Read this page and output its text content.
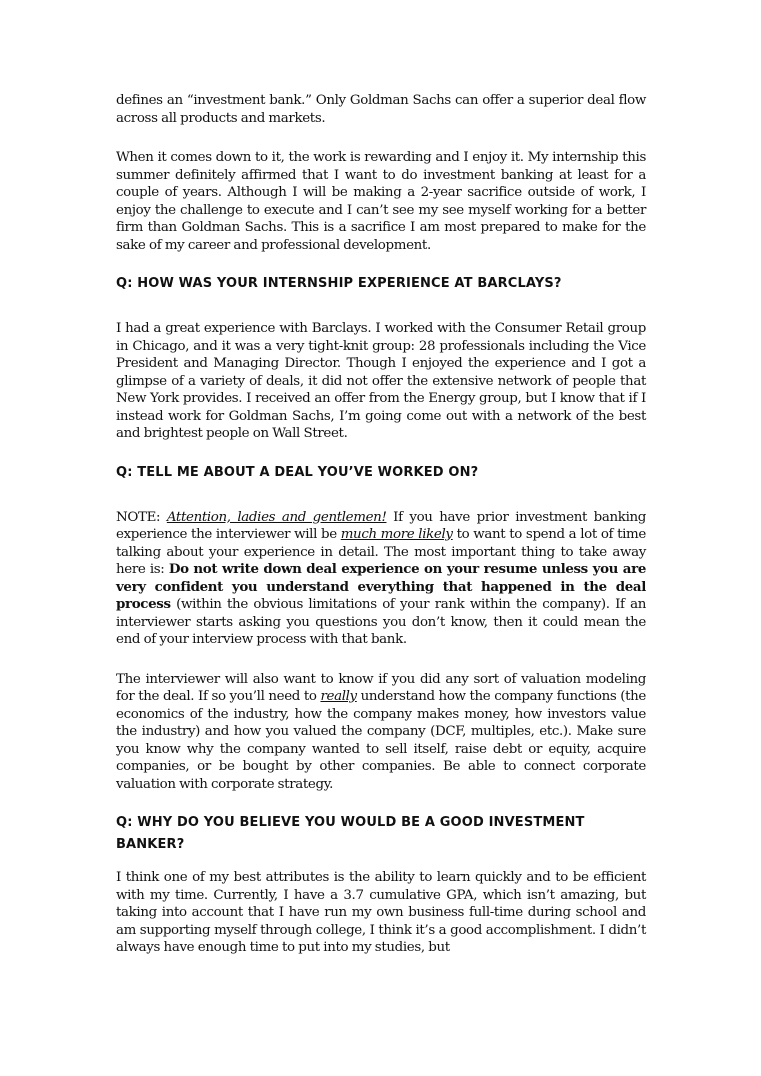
defines an “investment bank.” Only Goldman Sachs can offer a superior deal flow across all products and markets.

When it comes down to it, the work is rewarding and I enjoy it. My internship this summer definitely affirmed that I want to do investment banking at least for a couple of years. Although I will be making a 2-year sacrifice outside of work, I enjoy the challenge to execute and I can’t see my see myself working for a better firm than Goldman Sachs. This is a sacrifice I am most prepared to make for the sake of my career and professional development.

Q: HOW WAS YOUR INTERNSHIP EXPERIENCE AT BARCLAYS?

I had a great experience with Barclays. I worked with the Consumer Retail group in Chicago, and it was a very tight-knit group: 28 professionals including the Vice President and Managing Director. Though I enjoyed the experience and I got a glimpse of a variety of deals, it did not offer the extensive network of people that New York provides. I received an offer from the Energy group, but I know that if I instead work for Goldman Sachs, I’m going come out with a network of the best and brightest people on Wall Street.

Q: TELL ME ABOUT A DEAL YOU’VE WORKED ON?

NOTE: Attention, ladies and gentlemen! If you have prior investment banking experience the interviewer will be much more likely to want to spend a lot of time talking about your experience in detail. The most important thing to take away here is: Do not write down deal experience on your resume unless you are very confident you understand everything that happened in the deal process (within the obvious limitations of your rank within the company). If an interviewer starts asking you questions you don’t know, then it could mean the end of your interview process with that bank.

The interviewer will also want to know if you did any sort of valuation modeling for the deal. If so you’ll need to really understand how the company functions (the economics of the industry, how the company makes money, how investors value the industry) and how you valued the company (DCF, multiples, etc.). Make sure you know why the company wanted to sell itself, raise debt or equity, acquire companies, or be bought by other companies. Be able to connect corporate valuation with corporate strategy.

Q: WHY DO YOU BELIEVE YOU WOULD BE A GOOD INVESTMENT BANKER?

I think one of my best attributes is the ability to learn quickly and to be efficient with my time. Currently, I have a 3.7 cumulative GPA, which isn’t amazing, but taking into account that I have run my own business full-time during school and am supporting myself through college, I think it’s a good accomplishment. I didn’t always have enough time to put into my studies, but
